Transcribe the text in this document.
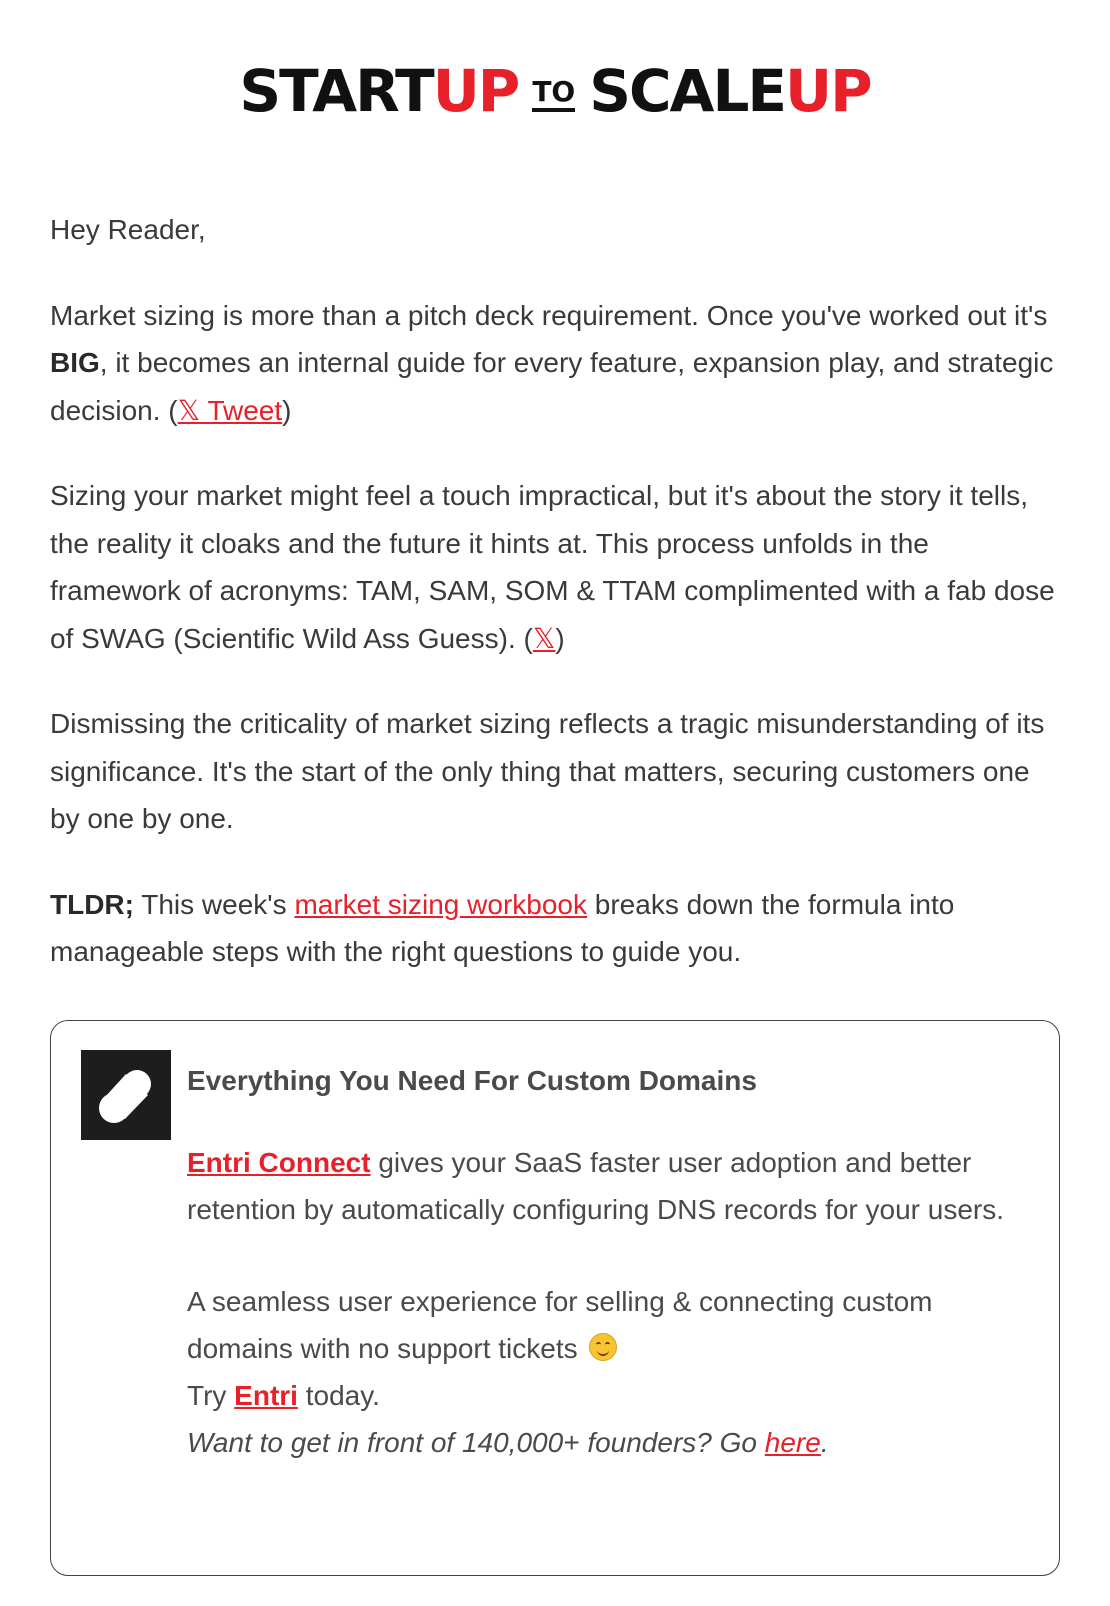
STARTUP TO SCALEUP

Hey Reader,

Market sizing is more than a pitch deck requirement. Once you've worked out it's BIG, it becomes an internal guide for every feature, expansion play, and strategic decision. (𝕏 Tweet)

Sizing your market might feel a touch impractical, but it's about the story it tells, the reality it cloaks and the future it hints at. This process unfolds in the framework of acronyms: TAM, SAM, SOM & TTAM complimented with a fab dose of SWAG (Scientific Wild Ass Guess). (𝕏)

Dismissing the criticality of market sizing reflects a tragic misunderstanding of its significance. It's the start of the only thing that matters, securing customers one by one by one.

TLDR; This week's market sizing workbook breaks down the formula into manageable steps with the right questions to guide you.

Everything You Need For Custom Domains

Entri Connect gives your SaaS faster user adoption and better retention by automatically configuring DNS records for your users.

A seamless user experience for selling & connecting custom domains with no support tickets

Try Entri today.

Want to get in front of 140,000+ founders? Go here.
